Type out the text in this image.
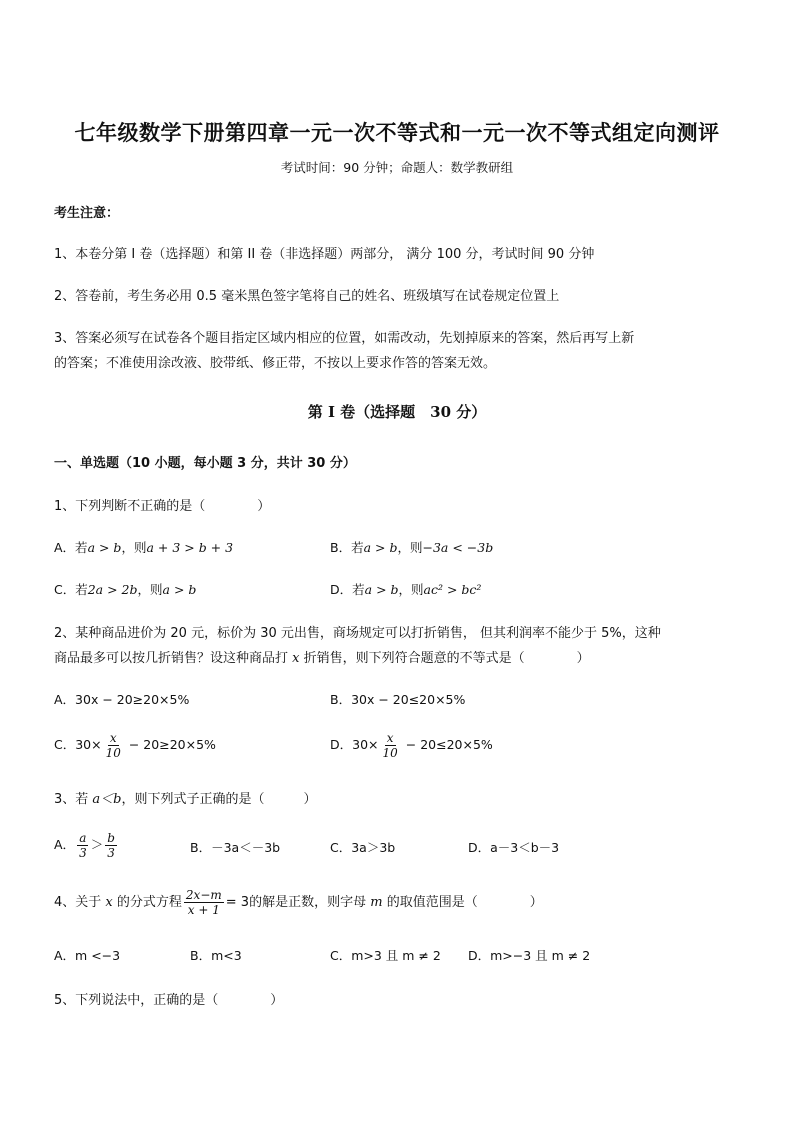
七年级数学下册第四章一元一次不等式和一元一次不等式组定向测评
考试时间：90 分钟；命题人：数学教研组
考生注意：
1、本卷分第 I 卷（选择题）和第 II 卷（非选择题）两部分， 满分 100 分，考试时间 90 分钟
2、答卷前，考生务必用 0.5 毫米黑色签字笔将自己的姓名、班级填写在试卷规定位置上
3、答案必须写在试卷各个题目指定区域内相应的位置，如需改动，先划掉原来的答案，然后再写上新
的答案；不准使用涂改液、胶带纸、修正带，不按以上要求作答的答案无效。
第 I 卷（选择题　30 分）
一、单选题（10 小题，每小题 3 分，共计 30 分）
1、下列判断不正确的是（　　　　）
A．若a > b，则a + 3 > b + 3	B．若a > b，则−3a < −3b
C．若2a > 2b，则a > b	D．若a > b，则ac² > bc²
2、某种商品进价为 20 元，标价为 30 元出售，商场规定可以打折销售， 但其利润率不能少于 5%，这种
商品最多可以按几折销售？设这种商品打 x 折销售，则下列符合题意的不等式是（　　　　）
A．30x − 20≥20×5%	B．30x − 20≤20×5%
C．$30\times \frac{x}{10} - 20\ge 20\times 5\%$	D．$30\times \frac{x}{10} - 20\le 20\times 5\%$
3、若 a＜b，则下列式子正确的是（　　　）
A． $\frac{a}{3} > \frac{b}{3}$	B．－3a＜－3b	C．3a＞3b	D．a－3＜b－3
4、关于 x 的分式方程 $\frac{2x-m}{x + 1} = 3$的解是正数，则字母 m 的取值范围是（　　　　）
A．m <−3	B．m<3	C．m>3 且 m ≠ 2 D．m>−3 且 m ≠ 2
5、下列说法中，正确的是（　　　　）
